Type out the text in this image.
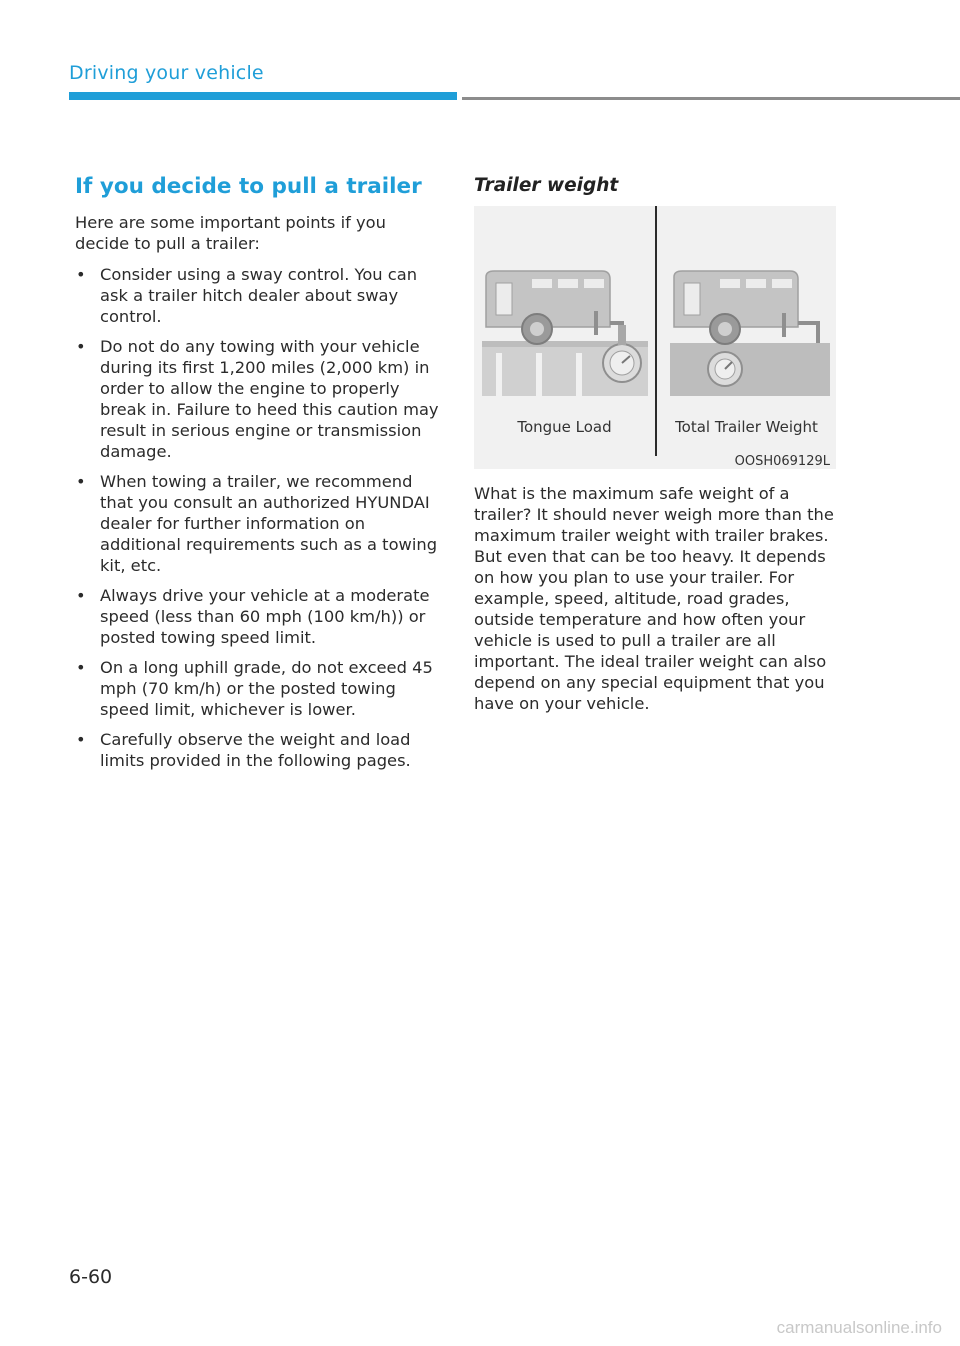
Driving your vehicle
If you decide to pull a trailer

Here are some important points if you decide to pull a trailer:

• Consider using a sway control. You can ask a trailer hitch dealer about sway control.
• Do not do any towing with your vehicle during its first 1,200 miles (2,000 km) in order to allow the engine to properly break in. Failure to heed this caution may result in serious engine or transmission damage.
• When towing a trailer, we recommend that you consult an authorized HYUNDAI dealer for further information on additional requirements such as a towing kit, etc.
• Always drive your vehicle at a moderate speed (less than 60 mph (100 km/h)) or posted towing speed limit.
• On a long uphill grade, do not exceed 45 mph (70 km/h) or the posted towing speed limit, whichever is lower.
• Carefully observe the weight and load limits provided in the following pages.
Trailer weight
Tongue Load	Total Trailer Weight
OOSH069129L

What is the maximum safe weight of a trailer? It should never weigh more than the maximum trailer weight with trailer brakes. But even that can be too heavy. It depends on how you plan to use your trailer. For example, speed, altitude, road grades, outside temperature and how often your vehicle is used to pull a trailer are all important. The ideal trailer weight can also depend on any special equipment that you have on your vehicle.

6-60
carmanualsonline.info
